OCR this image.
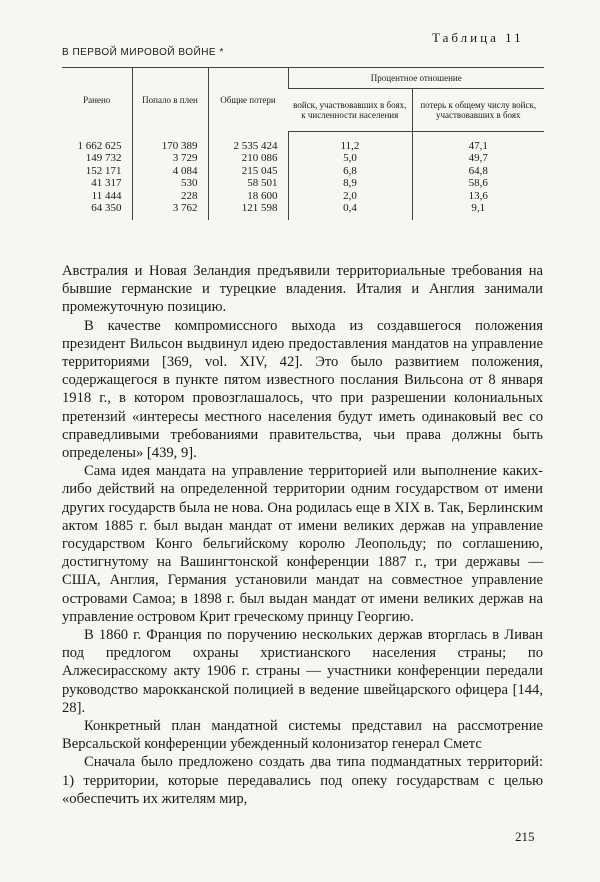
Таблица 11
В ПЕРВОЙ МИРОВОЙ ВОЙНЕ *
Ранено	Попало в плен	Общие потери	Процентное отношение	
			войск, участвовавших в боях, к численности населения	потерь к общему числу войск, участвовавших в боях
1 662 625	170 389	2 535 424	11,2	47,1
149 732	3 729	210 086	5,0	49,7
152 171	4 084	215 045	6,8	64,8
41 317	530	58 501	8,9	58,6
11 444	228	18 600	2,0	13,6
64 350	3 762	121 598	0,4	9,1

Австралия и Новая Зеландия предъявили территориальные требования на бывшие германские и турецкие владения. Италия и Англия занимали промежуточную позицию.

В качестве компромиссного выхода из создавшегося положения президент Вильсон выдвинул идею предоставления мандатов на управление территориями [369, vol. XIV, 42]. Это было развитием положения, содержащегося в пункте пятом известного послания Вильсона от 8 января 1918 г., в котором провозглашалось, что при разрешении колониальных претензий «интересы местного населения будут иметь одинаковый вес со справедливыми требованиями правительства, чьи права должны быть определены» [439, 9].

Сама идея мандата на управление территорией или выполнение каких-либо действий на определенной территории одним государством от имени других государств была не нова. Она родилась еще в XIX в. Так, Берлинским актом 1885 г. был выдан мандат от имени великих держав на управление государством Конго бельгийскому королю Леопольду; по соглашению, достигнутому на Вашингтонской конференции 1887 г., три державы — США, Англия, Германия установили мандат на совместное управление островами Самоа; в 1898 г. был выдан мандат от имени великих держав на управление островом Крит греческому принцу Георгию.

В 1860 г. Франция по поручению нескольких держав вторглась в Ливан под предлогом охраны христианского населения страны; по Алжесирасскому акту 1906 г. страны — участники конференции передали руководство марокканской полицией в ведение швейцарского офицера [144, 28].

Конкретный план мандатной системы представил на рассмотрение Версальской конференции убежденный колонизатор генерал Сметс

Сначала было предложено создать два типа подмандатных территорий: 1) территории, которые передавались под опеку государствам с целью «обеспечить их жителям мир,

215
